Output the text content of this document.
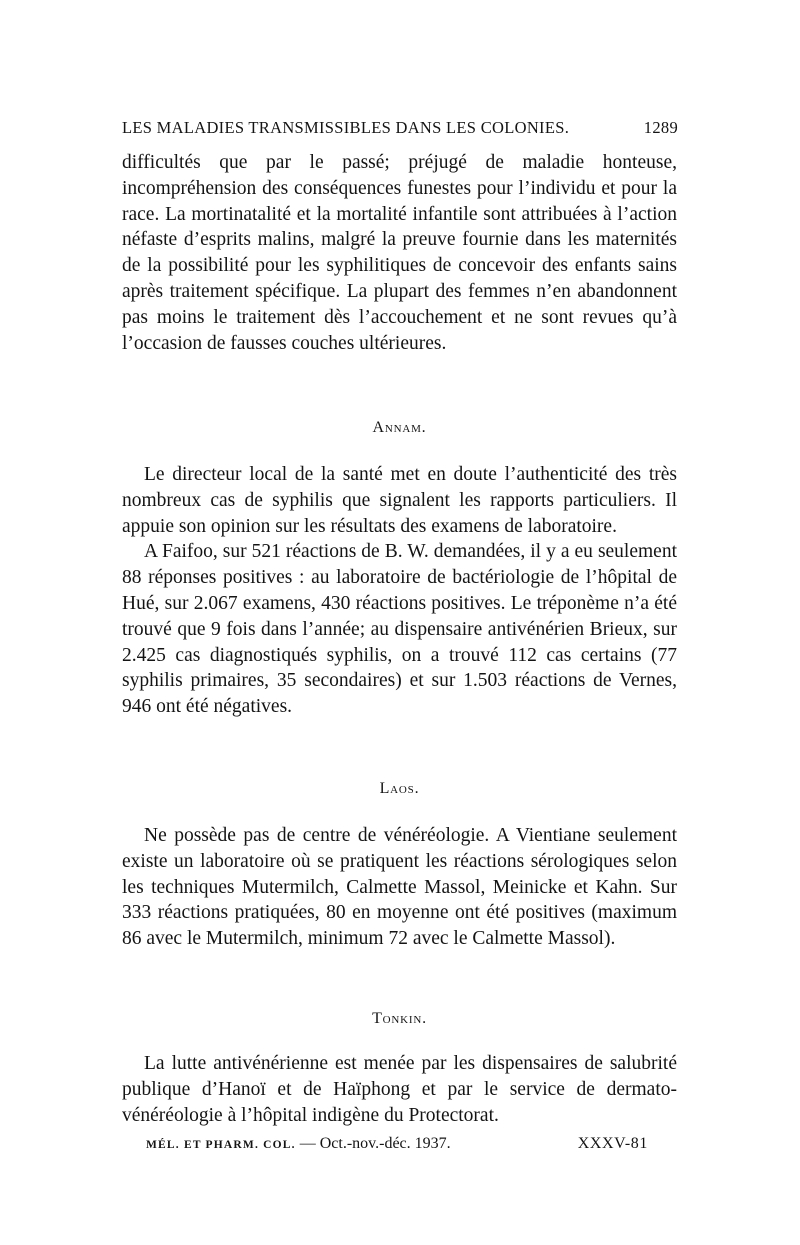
LES MALADIES TRANSMISSIBLES DANS LES COLONIES.	1289

difficultés que par le passé; préjugé de maladie honteuse, incompréhension des conséquences funestes pour l’individu et pour la race. La mortinatalité et la mortalité infantile sont attribuées à l’action néfaste d’esprits malins, malgré la preuve fournie dans les maternités de la possibilité pour les syphilitiques de concevoir des enfants sains après traitement spécifique. La plupart des femmes n’en abandonnent pas moins le traitement dès l’accouchement et ne sont revues qu’à l’occasion de fausses couches ultérieures.

Annam.

Le directeur local de la santé met en doute l’authenticité des très nombreux cas de syphilis que signalent les rapports particuliers. Il appuie son opinion sur les résultats des examens de laboratoire.

A Faifoo, sur 521 réactions de B. W. demandées, il y a eu seulement 88 réponses positives : au laboratoire de bactériologie de l’hôpital de Hué, sur 2.067 examens, 430 réactions positives. Le tréponème n’a été trouvé que 9 fois dans l’année; au dispensaire antivénérien Brieux, sur 2.425 cas diagnostiqués syphilis, on a trouvé 112 cas certains (77 syphilis primaires, 35 secondaires) et sur 1.503 réactions de Vernes, 946 ont été négatives.

Laos.

Ne possède pas de centre de vénéréologie. A Vientiane seulement existe un laboratoire où se pratiquent les réactions sérologiques selon les techniques Mutermilch, Calmette Massol, Meinicke et Kahn. Sur 333 réactions pratiquées, 80 en moyenne ont été positives (maximum 86 avec le Mutermilch, minimum 72 avec le Calmette Massol).

Tonkin.

La lutte antivénérienne est menée par les dispensaires de salubrité publique d’Hanoï et de Haïphong et par le service de dermato-vénéréologie à l’hôpital indigène du Protectorat.

MÉL. ET PHARM. COL. — Oct.-nov.-déc. 1937.	XXXV-81
